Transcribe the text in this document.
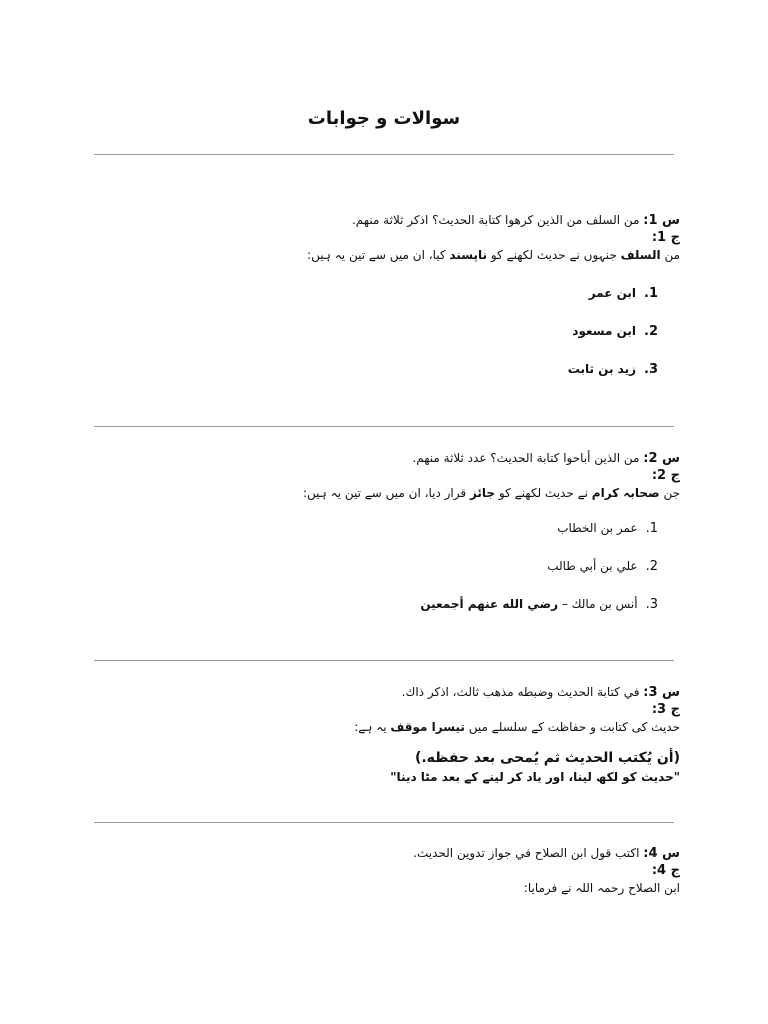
سوالات و جوابات
س 1: من السلف من الذین کرھوا کتابة الحدیث؟ اذکر ثلاثة منھم.
ج 1:
من السلف جنہوں نے حدیث لکھنے کو ناپسند کیا، ان میں سے تین یہ ہیں:
1.ابن عمر
2.ابن مسعود
3.زید بن ثابت
س 2: من الذین أباحوا کتابة الحدیث؟ عدد ثلاثة منھم.
ج 2:
جن صحابہ کرام نے حدیث لکھنے کو جائز قرار دیا، ان میں سے تین یہ ہیں:
1.عمر بن الخطاب
2.علي بن أبي طالب
3.أنس بن مالك – رضي الله عنهم أجمعين
س 3: في کتابة الحدیث وضبطه مذھب ثالث، اذکر ذاك.
ج 3:
حدیث کی کتابت و حفاظت کے سلسلے میں تیسرا موقف یہ ہے:
(أن يُكتب الحديث ثم يُمحى بعد حفظه.)
"حدیث کو لکھ لینا، اور یاد کر لینے کے بعد مٹا دینا"
س 4: اکتب قول ابن الصلاح في جواز تدوین الحدیث.
ج 4:
ابن الصلاح رحمہ اللہ نے فرمایا:
